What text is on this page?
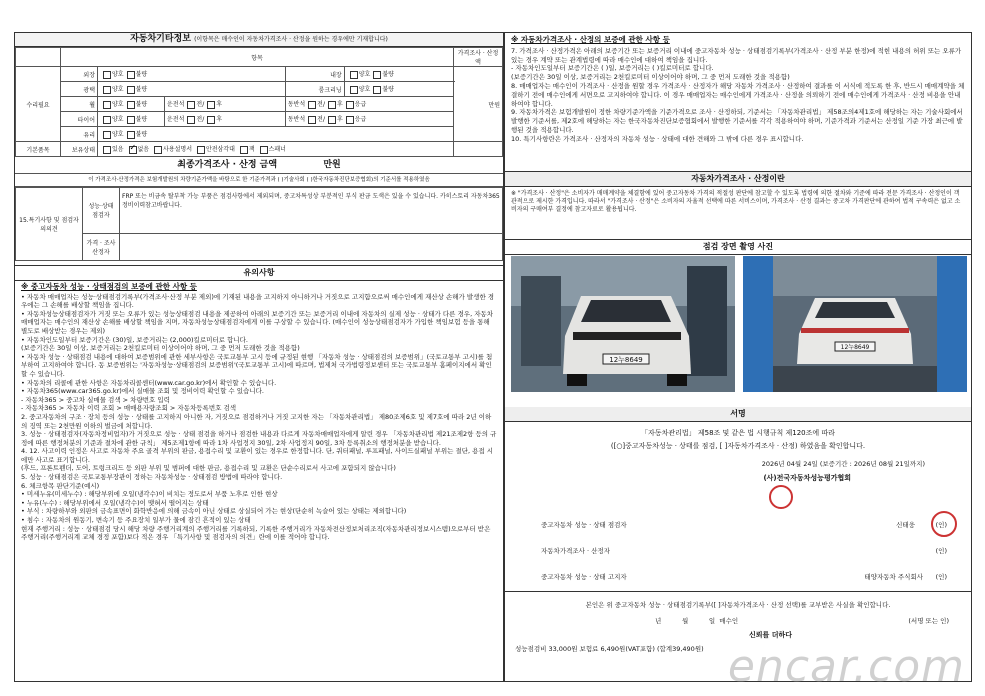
자동차기타정보 (이항목은 매수인이 자동차가격조사 · 산정을 원하는 경우에만 기재합니다)
	항목					가격조사 · 산정액
수리필요	외장	양호 불량		내장	양호 불량	만원
	광택	양호 불량		룸크리닝	양호 불량	
	휠	양호 불량	운전석 전/ 후	동반석 전/ 후 응급		
	타이어	양호 불량	운전석 전/ 후	동반석 전/ 후 응급		
	유리	양호 불량				
기본품목	보유상태	있음 ✓ 없음 사용설명서 안전삼각대 잭 스패너	
최종가격조사 · 산정 금액	만원
이 가격조사·산정가격은 보험개발원의 차량기준가액을 바탕으로 한 기준가격과 ( )기술사회 ( )한국자동차진단보증협회)의 기준서를 적용하였음
15.특기사항 및 점검자의의견	성능·상태 점검자	FRP 또는 비금속 탈부착 가능 부품은 점검사항에서 제외되며, 중고차특성상 부분적인 부식 판금 도색은 있을 수 있습니다. 카히스토리 자동차365 정비이력참고바랍니다.
	가격 · 조사 산정자	
유의사항

※ 중고자동차 성능 · 상태점검의 보증에 관한 사항 등

• 자동차 매매업자는 성능·상태점검기록부(가격조사·산정 부분 제외)에 기재된 내용을 고지하지 아니하거나 거짓으로 고지함으로써 매수인에게 재산상 손해가 발생한 경우에는 그 손해를 배상할 책임을 집니다.

• 자동차성능상태점검자가 거짓 또는 오류가 있는 성능상태점검 내용을 제공하여 아래의 보증기간 또는 보증거리 이내에 자동차의 실제 성능 · 상태가 다른 경우, 자동차매매업자는 매수인의 재산상 손해를 배상할 책임을 지며, 자동차성능상태점검자에게 이를 구상할 수 있습니다. (매수인이 성능상태점검자가 가입한 책임보험 등을 통해 별도로 배상받는 경우는 제외)

• 자동차인도일부터 보증기간은 (30)일, 보증거리는 (2,000)킬로미터로 합니다.

(보증기간은 30일 이상, 보증거리는 2천킬로미터 이상이어야 하며, 그 중 먼저 도래한 것을 적용함)

• 자동차 성능 · 상태점검 내용에 대하여 보증범위에 관한 세부사항은 국토교통부 고시 등에 규정된 현행 「자동차 성능 · 상태점검의 보증범위」(국토교통부 고시)를 첨부하여 고지하여야 합니다. 동 보증범위는 '자동차성능·상태점검의 보증범위'(국토교통부 고시)에 따르며, 법제처 국가법령정보센터 또는 국토교통부 홈페이지에서 확인할 수 있습니다.

• 자동차의 리콜에 관한 사항은 자동차리콜센터(www.car.go.kr)에서 확인할 수 있습니다.

• 자동차365(www.car365.go.kr)에서 실매물 조회 및 정비이력 확인할 수 있습니다.

- 자동차365 > 중고차 실매물 검색 > 차량번호 입력

- 자동차365 > 자동차 이력 조회 > 매매용자량조회 > 자동차등록번호 검색

2. 중고자동차의 구조 · 장치 등의 성능 · 상태를 고지하지 아니한 자, 거짓으로 점검하거나 거짓 고지한 자는 「자동차관리법」 제80조제6호 및 제7호에 따라 2년 이하의 징역 또는 2천만원 이하의 벌금에 처합니다.

3. 성능 · 상태점검자(자동차정비업자)가 거짓으로 성능 · 상태 점검을 하거나 점검한 내용과 다르게 자동차매매업자에게 알린 경우 「자동차관리법 제21조제2항 등의 규정에 따른 행정처분의 기준과 절차에 관한 규칙」 제5조제1항에 따라 1차 사업정지 30일, 2차 사업정지 90일, 3차 등록취소의 행정처분을 받습니다.

4. 12. 사고이력 인정은 사고로 자동차 주요 골격 부위의 판금, 용접수리 및 교환이 있는 경우로 한정합니다. 단, 쿼터패널, 루프패널, 사이드실패널 부위는 절단, 용접 시에만 사고로 표기합니다.

(후드, 프론트펜더, 도어, 트렁크리드 등 외판 부위 및 범퍼에 대한 판금, 용접수리 및 교환은 단순수리로서 사고에 포함되지 않습니다)

5. 성능 · 상태점검은 국토교통부장관이 정하는 자동차성능 · 상태점검 방법에 따라야 합니다.

6. 체크항목 판단기준(예시)

• 미세누유(미세누수) : 해당부위에 오일(냉각수)이 비치는 정도로서 부품 노후로 인한 현상

• 누유(누수) : 해당부위에서 오일(냉각수)이 맺혀서 떨어지는 상태

• 부식 : 차량하부와 외판의 금속표면이 화학반응에 의해 금속이 아닌 상태로 상실되어 가는 현상(단순히 녹슬어 있는 상태는 제외합니다)

• 침수 : 자동차의 원동기, 변속기 등 주요장치 일부가 물에 잠긴 흔적이 있는 상태

현재 주행거리 : 성능 · 상태점검 당시 해당 차량 주행거리계의 주행거리를 기록하되, 기록한 주행거리가 자동차전산정보처리조직(자동차관리정보시스템)으로부터 받은 주행거리(주행거리계 교체 경정 포함)보다 적은 경우 「특기사항 및 점검자의 의견」란에 이를 적어야 합니다.

※ 자동차가격조사 · 산정의 보증에 관한 사항 등

7. 가격조사 · 산정가격은 아래의 보증기간 또는 보증거리 이내에 중고자동차 성능 · 상태점검기록부(가격조사 · 산정 부분 한정)에 적힌 내용의 허위 또는 오류가 있는 경우 계약 또는 관계법령에 따라 매수인에 대하여 책임을 집니다.

- 자동차인도일부터 보증기간은 ( )일, 보증거리는 ( )킬로미터로 합니다.

(보증기간은 30일 이상, 보증거리는 2천킬로미터 이상이어야 하며, 그 중 먼저 도래한 것을 적용함)

8. 매매업자는 매수인이 가격조사 · 산정을 원할 경우 가격조사 · 산정자가 해당 자동차 가격조사 · 산정하여 결과를 이 서식에 적도록 한 후, 반드시 매매계약을 체결하기 전에 매수인에게 서면으로 고지하여야 합니다. 이 경우 매매업자는 매수인에게 가격조사 · 산정을 의뢰하기 전에 매수인에게 가격조사 · 산정 비용을 안내하여야 합니다.

9. 자동차가격은 보험개발원이 정한 차량기준가액을 기준가격으로 조사 · 산정하되, 기준서는 「자동차관리법」 제58조의4제1호에 해당하는 자는 기술사회에서 발행한 기준서를, 제2호에 해당하는 자는 한국자동차진단보증협회에서 발행한 기준서를 각각 적용하여야 하며, 기준가격과 기준서는 산정일 기준 가장 최근에 발행된 것을 적용합니다.

10. 특기사항란은 가격조사 · 산정자의 자동차 성능 · 상태에 대한 견해와 그 밖에 다른 경우 표시합니다.

자동차가격조사 · 산정이란
※ "가격조사 · 산정"은 소비자가 매매계약을 체결함에 있어 중고자동차 가격의 적절성 판단에 참고할 수 있도록 법령에 의한 절차와 기준에 따라 전문 가격조사 · 산정인이 객관적으로 제시한 가격입니다. 따라서 "가격조사 · 산정"은 소비자의 자율적 선택에 따른 서비스이며, 가격조사 · 산정 결과는 중고차 가격판단에 관하여 법적 구속력은 없고 소비자의 구매여부 결정에 참고자료로 활용됩니다.
점검 장면 촬영 사진
12누8649
12누8649
서명
「자동차관리법」 제58조 및 같은 법 시행규칙 제120조에 따라
([○]중고자동차성능 · 상태를 점검, [ ]자동차가격조사 · 산정) 하였음을 확인합니다.
2026년 04월 24일 (보증기간 : 2026년 08월 21일까지)
(사)전국자동차성능평가협회
중고자동차 성능 · 상태 점검자	신태웅	(인)
자동차가격조사 · 산정자	(인)
중고자동차 성능 · 상태 고지자	태양자동차 주식회사 (인)
본인은 위 중고자동차 성능 · 상태점검기록부([ ]자동차가격조사 · 산정 선택)를 교부받은 사실을 확인합니다.
년          월          일  매수인	(서명 또는 인)
신뢰를 더하다
성능점검비 33,000원 보험료 6,490원(VAT포함) (합계39,490원) encar.com
